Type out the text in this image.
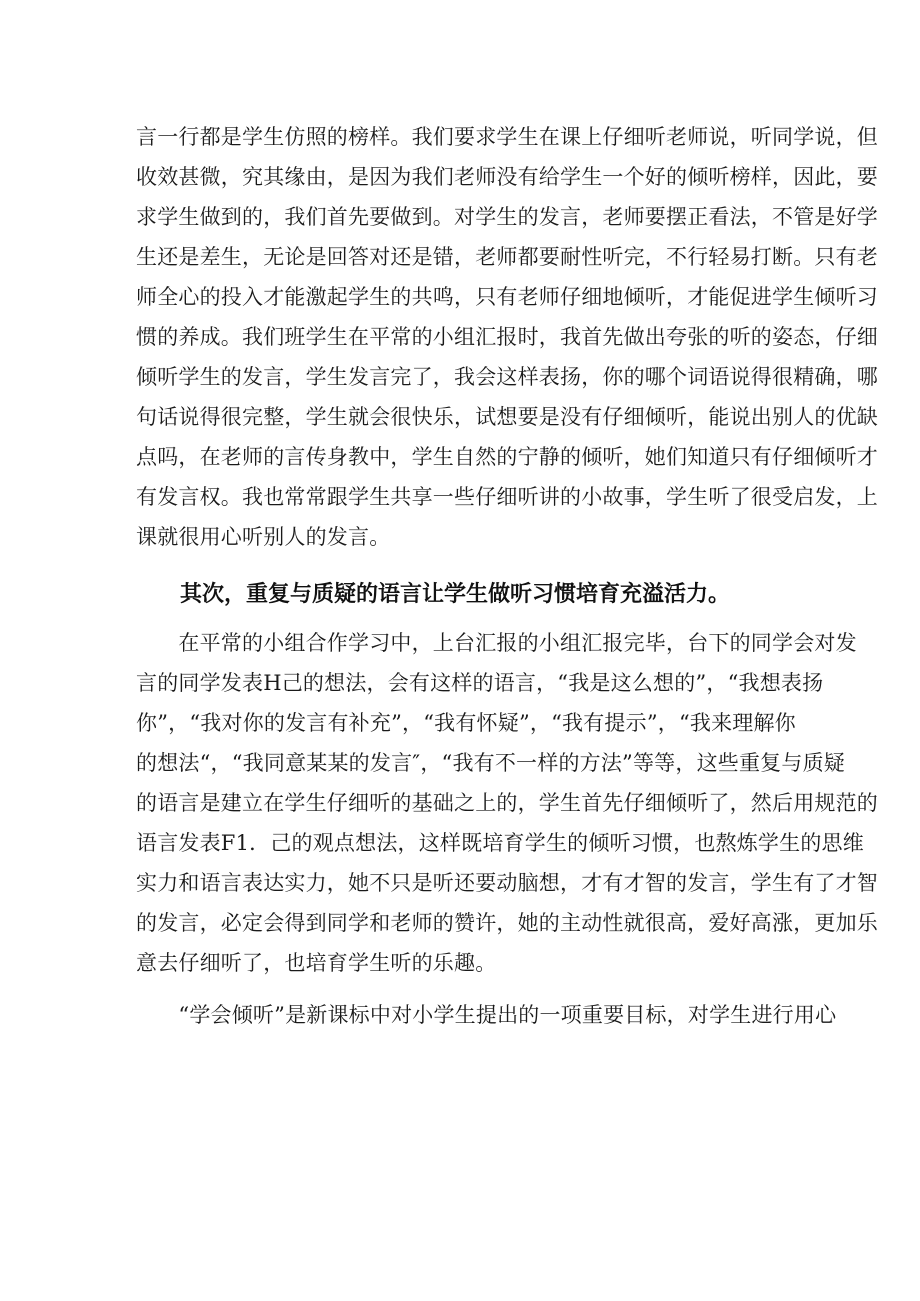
言一行都是学生仿照的榜样。我们要求学生在课上仔细听老师说，听同学说，但
收效甚微，究其缘由，是因为我们老师没有给学生一个好的倾听榜样，因此，要
求学生做到的，我们首先要做到。对学生的发言，老师要摆正看法，不管是好学
生还是差生，无论是回答对还是错，老师都要耐性听完，不行轻易打断。只有老
师全心的投入才能激起学生的共鸣，只有老师仔细地倾听，才能促进学生倾听习
惯的养成。我们班学生在平常的小组汇报时，我首先做出夸张的听的姿态，仔细
倾听学生的发言，学生发言完了，我会这样表扬，你的哪个词语说得很精确，哪
句话说得很完整，学生就会很快乐，试想要是没有仔细倾听，能说出别人的优缺
点吗，在老师的言传身教中，学生自然的宁静的倾听，她们知道只有仔细倾听才
有发言权。我也常常跟学生共享一些仔细听讲的小故事，学生听了很受启发，上
课就很用心听别人的发言。

其次，重复与质疑的语言让学生做听习惯培育充溢活力。

　　在平常的小组合作学习中，上台汇报的小组汇报完毕，台下的同学会对发
言的同学发表H己的想法，会有这样的语言，“我是这么想的”，“我想表扬
你”，“我对你的发言有补充”，“我有怀疑”，“我有提示”，“我来理解你
的想法“，“我同意某某的发言″，“我有不一样的方法”等等，这些重复与质疑
的语言是建立在学生仔细听的基础之上的，学生首先仔细倾听了，然后用规范的
语言发表F1．己的观点想法，这样既培育学生的倾听习惯，也熬炼学生的思维
实力和语言表达实力，她不只是听还要动脑想，才有才智的发言，学生有了才智
的发言，必定会得到同学和老师的赞许，她的主动性就很高，爱好高涨，更加乐
意去仔细听了，也培育学生听的乐趣。

　　“学会倾听”是新课标中对小学生提出的一项重要目标，对学生进行用心
